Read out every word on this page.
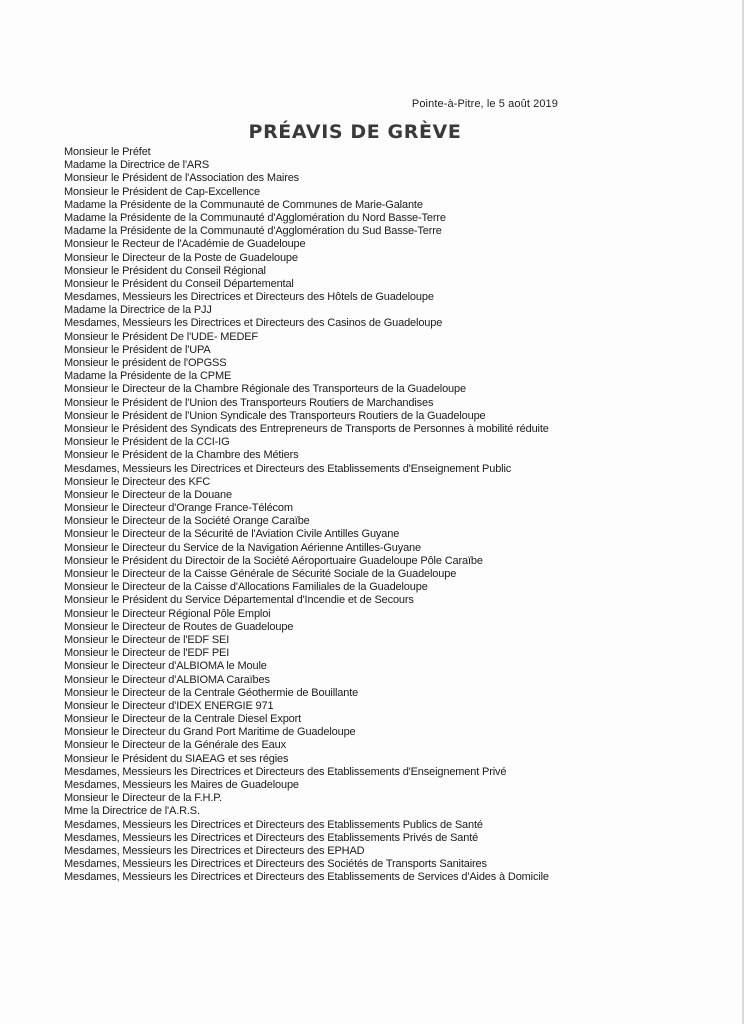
Pointe-à-Pitre, le 5 août 2019
PRÉAVIS DE GRÈVE
Monsieur le Préfet
Madame la Directrice de l'ARS
Monsieur le Président de l'Association des Maires
Monsieur le Président de Cap-Excellence
Madame la Présidente de la Communauté de Communes de Marie-Galante
Madame la Présidente de la Communauté d'Agglomération du Nord Basse-Terre
Madame la Présidente de la Communauté d'Agglomération du Sud Basse-Terre
Monsieur le Recteur de l'Académie de Guadeloupe
Monsieur le Directeur de la Poste de Guadeloupe
Monsieur le Président du Conseil Régional
Monsieur le Président du Conseil Départemental
Mesdames, Messieurs les Directrices et Directeurs des Hôtels de Guadeloupe
Madame la Directrice de la PJJ
Mesdames, Messieurs les Directrices et Directeurs des Casinos de Guadeloupe
Monsieur le Président De l'UDE- MEDEF
Monsieur le Président de l'UPA
Monsieur le président de l'OPGSS
Madame la Présidente de la CPME
Monsieur le Directeur de la Chambre Régionale des Transporteurs de la Guadeloupe
Monsieur le Président de l'Union des Transporteurs Routiers de Marchandises
Monsieur le Président de l'Union Syndicale des Transporteurs Routiers de la Guadeloupe
Monsieur le Président des Syndicats des Entrepreneurs de Transports de Personnes à mobilité réduite
Monsieur le Président de la CCI-IG
Monsieur le Président de la Chambre des Métiers
Mesdames, Messieurs les Directrices et Directeurs des Etablissements d'Enseignement Public
Monsieur le Directeur des KFC
Monsieur le Directeur de la Douane
Monsieur le Directeur d'Orange France-Télécom
Monsieur le Directeur de la Société Orange Caraïbe
Monsieur le Directeur de la Sécurité de l'Aviation Civile Antilles Guyane
Monsieur le Directeur du Service de la Navigation Aérienne Antilles-Guyane
Monsieur le Président du Directoir de la Société Aéroportuaire Guadeloupe Pôle Caraïbe
Monsieur le Directeur de la Caisse Générale de Sécurité Sociale de la Guadeloupe
Monsieur le Directeur de la Caisse d'Allocations Familiales de la Guadeloupe
Monsieur le Président du Service Départemental d'Incendie et de Secours
Monsieur le Directeur Régional Pôle Emploi
Monsieur le Directeur de Routes de Guadeloupe
Monsieur le Directeur de l'EDF SEI
Monsieur le Directeur de l'EDF PEI
Monsieur le Directeur d'ALBIOMA le Moule
Monsieur le Directeur d'ALBIOMA Caraïbes
Monsieur le Directeur de la Centrale Géothermie de Bouillante
Monsieur le Directeur d'IDEX ENERGIE 971
Monsieur le Directeur de la Centrale Diesel Export
Monsieur le Directeur du Grand Port Maritime de Guadeloupe
Monsieur le Directeur de la Générale des Eaux
Monsieur le Président du SIAEAG et ses régies
Mesdames, Messieurs les Directrices et Directeurs des Etablissements d'Enseignement Privé
Mesdames, Messieurs les Maires de Guadeloupe
Monsieur le Directeur de la F.H.P.
Mme la Directrice de l'A.R.S.
Mesdames, Messieurs les Directrices et Directeurs des Etablissements Publics de Santé
Mesdames, Messieurs les Directrices et Directeurs des Etablissements Privés de Santé
Mesdames, Messieurs les Directrices et Directeurs des EPHAD
Mesdames, Messieurs les Directrices et Directeurs des Sociétés de Transports Sanitaires
Mesdames, Messieurs les Directrices et Directeurs des Etablissements de Services d'Aides à Domicile
